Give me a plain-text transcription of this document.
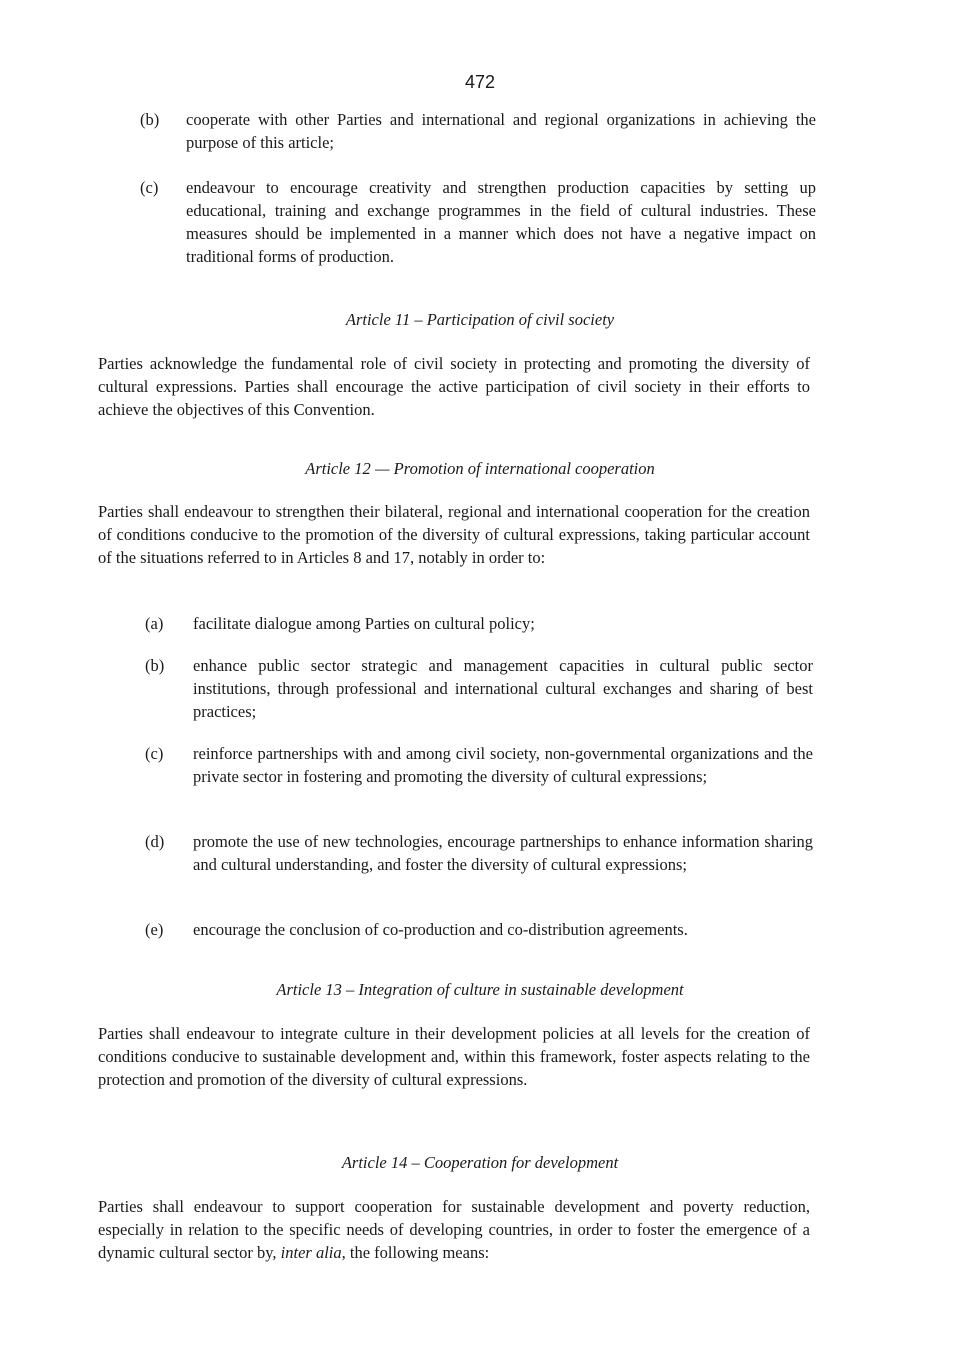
472
(b) cooperate with other Parties and international and regional organizations in achieving the purpose of this article;
(c) endeavour to encourage creativity and strengthen production capacities by setting up educational, training and exchange programmes in the field of cultural industries. These measures should be implemented in a manner which does not have a negative impact on traditional forms of production.
Article 11 – Participation of civil society
Parties acknowledge the fundamental role of civil society in protecting and promoting the diversity of cultural expressions. Parties shall encourage the active participation of civil society in their efforts to achieve the objectives of this Convention.
Article 12 — Promotion of international cooperation
Parties shall endeavour to strengthen their bilateral, regional and international cooperation for the creation of conditions conducive to the promotion of the diversity of cultural expressions, taking particular account of the situations referred to in Articles 8 and 17, notably in order to:
(a) facilitate dialogue among Parties on cultural policy;
(b) enhance public sector strategic and management capacities in cultural public sector institutions, through professional and international cultural exchanges and sharing of best practices;
(c) reinforce partnerships with and among civil society, non-governmental organizations and the private sector in fostering and promoting the diversity of cultural expressions;
(d) promote the use of new technologies, encourage partnerships to enhance information sharing and cultural understanding, and foster the diversity of cultural expressions;
(e) encourage the conclusion of co-production and co-distribution agreements.
Article 13 – Integration of culture in sustainable development
Parties shall endeavour to integrate culture in their development policies at all levels for the creation of conditions conducive to sustainable development and, within this framework, foster aspects relating to the protection and promotion of the diversity of cultural expressions.
Article 14 – Cooperation for development
Parties shall endeavour to support cooperation for sustainable development and poverty reduction, especially in relation to the specific needs of developing countries, in order to foster the emergence of a dynamic cultural sector by, inter alia, the following means:
